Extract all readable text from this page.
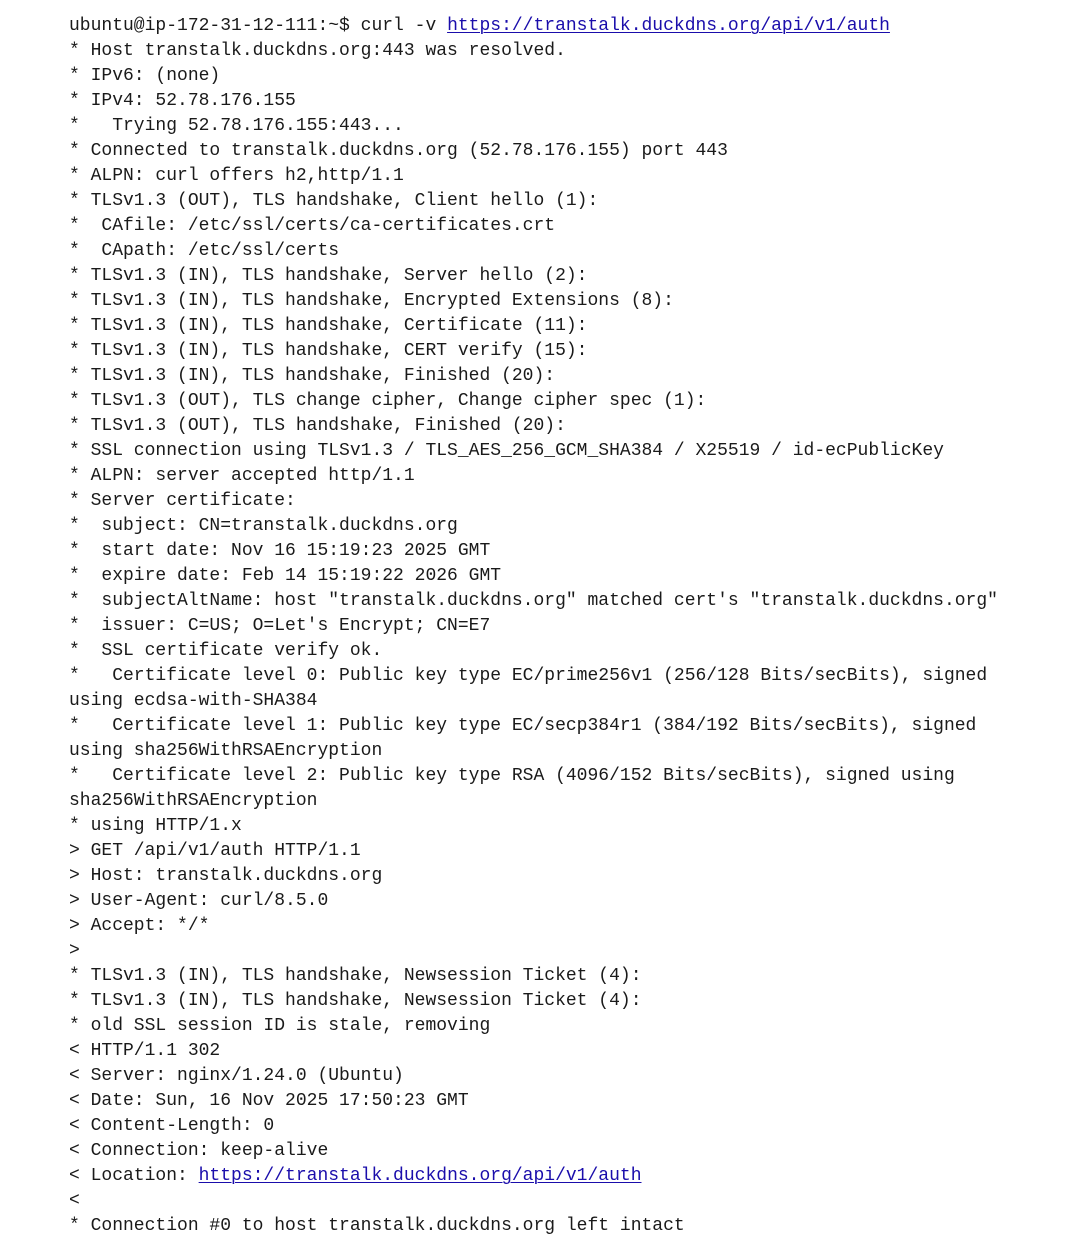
ubuntu@ip-172-31-12-111:~$ curl -v https://transtalk.duckdns.org/api/v1/auth
* Host transtalk.duckdns.org:443 was resolved.
* IPv6: (none)
* IPv4: 52.78.176.155
*   Trying 52.78.176.155:443...
* Connected to transtalk.duckdns.org (52.78.176.155) port 443
* ALPN: curl offers h2,http/1.1
* TLSv1.3 (OUT), TLS handshake, Client hello (1):
*  CAfile: /etc/ssl/certs/ca-certificates.crt
*  CApath: /etc/ssl/certs
* TLSv1.3 (IN), TLS handshake, Server hello (2):
* TLSv1.3 (IN), TLS handshake, Encrypted Extensions (8):
* TLSv1.3 (IN), TLS handshake, Certificate (11):
* TLSv1.3 (IN), TLS handshake, CERT verify (15):
* TLSv1.3 (IN), TLS handshake, Finished (20):
* TLSv1.3 (OUT), TLS change cipher, Change cipher spec (1):
* TLSv1.3 (OUT), TLS handshake, Finished (20):
* SSL connection using TLSv1.3 / TLS_AES_256_GCM_SHA384 / X25519 / id-ecPublicKey
* ALPN: server accepted http/1.1
* Server certificate:
*  subject: CN=transtalk.duckdns.org
*  start date: Nov 16 15:19:23 2025 GMT
*  expire date: Feb 14 15:19:22 2026 GMT
*  subjectAltName: host "transtalk.duckdns.org" matched cert's "transtalk.duckdns.org"
*  issuer: C=US; O=Let's Encrypt; CN=E7
*  SSL certificate verify ok.
*   Certificate level 0: Public key type EC/prime256v1 (256/128 Bits/secBits), signed
using ecdsa-with-SHA384
*   Certificate level 1: Public key type EC/secp384r1 (384/192 Bits/secBits), signed
using sha256WithRSAEncryption
*   Certificate level 2: Public key type RSA (4096/152 Bits/secBits), signed using
sha256WithRSAEncryption
* using HTTP/1.x
> GET /api/v1/auth HTTP/1.1
> Host: transtalk.duckdns.org
> User-Agent: curl/8.5.0
> Accept: */*
>
* TLSv1.3 (IN), TLS handshake, Newsession Ticket (4):
* TLSv1.3 (IN), TLS handshake, Newsession Ticket (4):
* old SSL session ID is stale, removing
< HTTP/1.1 302
< Server: nginx/1.24.0 (Ubuntu)
< Date: Sun, 16 Nov 2025 17:50:23 GMT
< Content-Length: 0
< Connection: keep-alive
< Location: https://transtalk.duckdns.org/api/v1/auth
<
* Connection #0 to host transtalk.duckdns.org left intact
